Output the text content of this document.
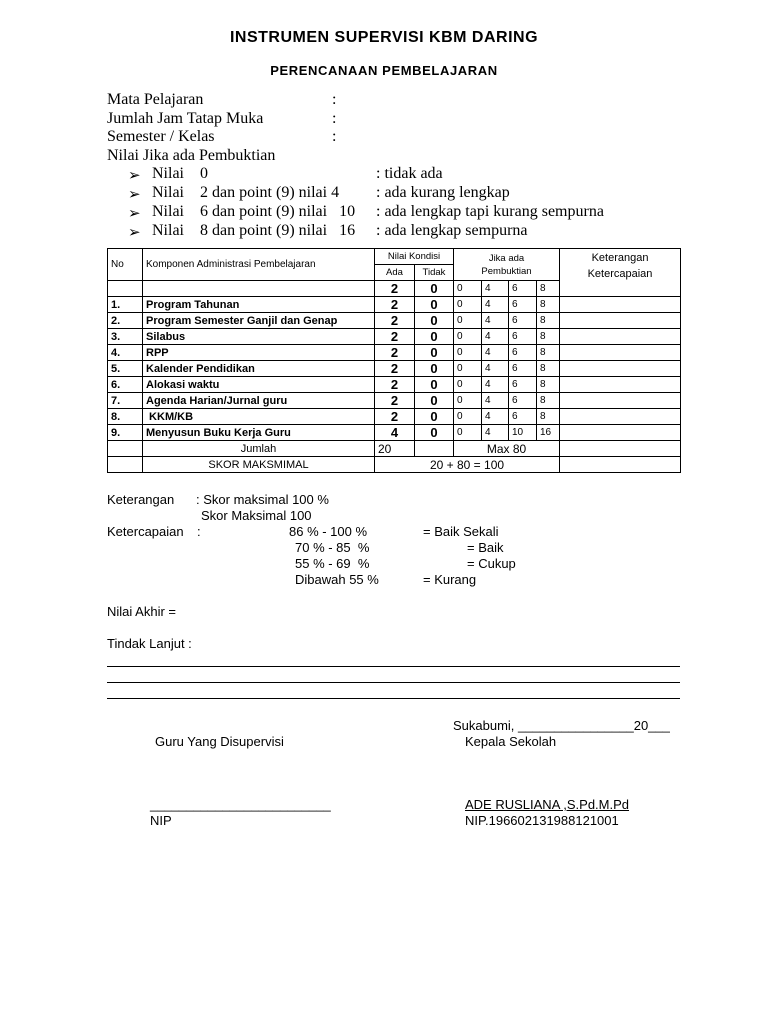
INSTRUMEN SUPERVISI KBM DARING
PERENCANAAN PEMBELAJARAN
Mata Pelajaran	:
Jumlah Jam Tatap Muka	:
Semester / Kelas	:
Nilai Jika ada Pembuktian
➢ Nilai    0	: tidak ada
➢ Nilai    2 dan point (9) nilai 4 : ada kurang lengkap
➢ Nilai    6 dan point (9) nilai   10 : ada lengkap tapi kurang sempurna
➢ Nilai    8 dan point (9) nilai   16 : ada lengkap sempurna
No	Komponen Administrasi Pembelajaran	Nilai Kondisi		Jika ada Pembuktian				Keterangan Ketercapaian
		Ada	Tidak					
		2	0	0	4	6	8	
1.	Program Tahunan	2	0	0	4	6	8	
2.	Program Semester Ganjil dan Genap	2	0	0	4	6	8	
3.	Silabus	2	0	0	4	6	8	
4.	RPP	2	0	0	4	6	8	
5.	Kalender Pendidikan	2	0	0	4	6	8	
6.	Alokasi waktu	2	0	0	4	6	8	
7.	Agenda Harian/Jurnal guru	2	0	0	4	6	8	
8.	KKM/KB	2	0	0	4	6	8	
9.	Menyusun Buku Kerja Guru	4	0	0	4	10	16	
	Jumlah	20		Max 80				
	SKOR MAKSMIMAL	20 + 80 = 100						
Keterangan : Skor maksimal 100 %
Skor Maksimal 100
Ketercapaian :	86 % - 100 %	= Baik Sekali
70 % - 85  %	= Baik
55 % - 69  %	= Cukup
Dibawah 55 %	= Kurang
Nilai Akhir =
Tindak Lanjut :
Sukabumi, ________________20___
Guru Yang Disupervisi	Kepala Sekolah
_________________________	ADE RUSLIANA ,S.Pd.M.Pd
NIP	NIP.196602131988121001
